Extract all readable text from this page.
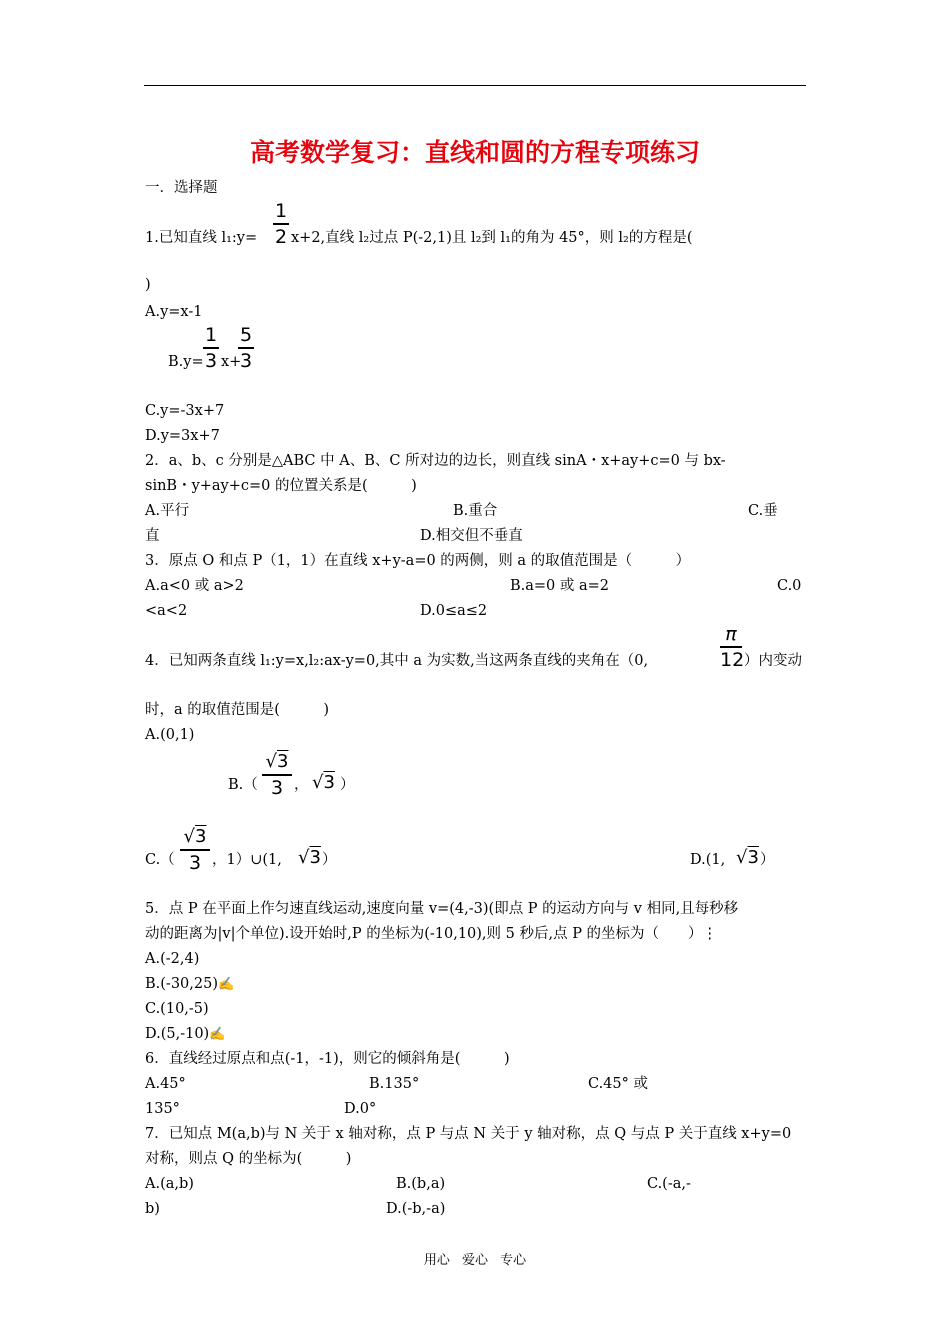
高考数学复习：直线和圆的方程专项练习
一．选择题
1
2
1.已知直线 l₁:y= x+2,直线 l₂过点 P(-2,1)且 l₂到 l₁的角为 45°，则 l₂的方程是(
)
A.y=x-1
B.y=
1
3 x+
5
3
C.y=-3x+7
D.y=3x+7
2．a、b、c 分别是△ABC 中 A、B、C 所对边的边长，则直线 sinA・x+ay+c=0 与 bx-
sinB・y+ay+c=0 的位置关系是(　　　)
A.平行	B.重合	C.垂
直	D.相交但不垂直
3．原点 O 和点 P（1，1）在直线 x+y-a=0 的两侧，则 a 的取值范围是（　　　）
A.a<0 或 a>2	B.a=0 或 a=2	C.0
<a<2	D.0≤a≤2
4．已知两条直线 l₁:y=x,l₂:ax-y=0,其中 a 为实数,当这两条直线的夹角在（0,
π
12 ）内变动
时，a 的取值范围是(　　　)
A.(0,1)
B.（
√3
3 ， √3 ）
C.（
√3
3 ，1）∪(1, √3 ）	D.(1, √3 ）
5．点 P 在平面上作匀速直线运动,速度向量 v=(4,-3)(即点 P 的运动方向与 v 相同,且每秒移
动的距离为|v|个单位).设开始时,P 的坐标为(-10,10),则 5 秒后,点 P 的坐标为（　　）⋮
A.(-2,4)
B.(-30,25)✍
C.(10,-5)
D.(5,-10)✍
6．直线经过原点和点(-1，-1)，则它的倾斜角是(　　　)
A.45°	B.135°	C.45° 或
135°	D.0°
7．已知点 M(a,b)与 N 关于 x 轴对称，点 P 与点 N 关于 y 轴对称，点 Q 与点 P 关于直线 x+y=0
对称，则点 Q 的坐标为(　　　)
A.(a,b)	B.(b,a)	C.(-a,-
b)	D.(-b,-a)
用心 爱心 专心
